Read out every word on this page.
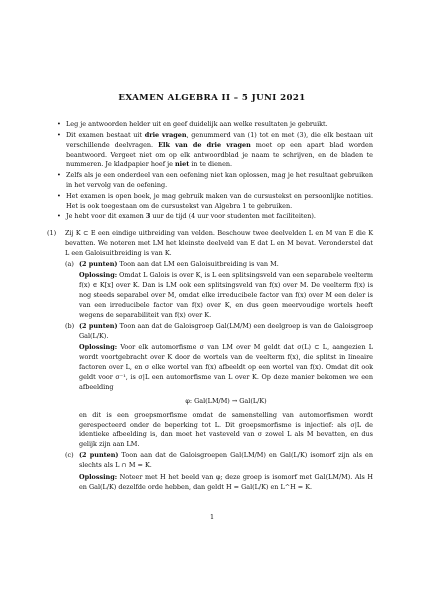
EXAMEN ALGEBRA II – 5 JUNI 2021
• Leg je antwoorden helder uit en geef duidelijk aan welke resultaten je gebruikt.
• Dit examen bestaat uit drie vragen, genummerd van (1) tot en met (3), die elk bestaan uit verschillende deelvragen. Elk van de drie vragen moet op een apart blad worden beantwoord. Vergeet niet om op elk antwoordblad je naam te schrijven, en de bladen te nummeren. Je kladpapier hoef je niet in te dienen.
• Zelfs als je een onderdeel van een oefening niet kan oplossen, mag je het resultaat gebruiken in het vervolg van de oefening.
• Het examen is open boek, je mag gebruik maken van de cursustekst en persoonlijke notities. Het is ook toegestaan om de cursustekst van Algebra 1 te gebruiken.
• Je hebt voor dit examen 3 uur de tijd (4 uur voor studenten met faciliteiten).
(1) Zij K ⊂ E een eindige uitbreiding van velden. Beschouw twee deelvelden L en M van E die K bevatten. We noteren met LM het kleinste deelveld van E dat L en M bevat. Veronderstel dat L een Galoisuitbreiding is van K.

(a) (2 punten) Toon aan dat LM een Galoisuitbreiding is van M.

Oplossing: Omdat L Galois is over K, is L een splitsingsveld van een separabele veelterm f(x) ∈ K[x] over K. Dan is LM ook een splitsingsveld van f(x) over M. De veelterm f(x) is nog steeds separabel over M, omdat elke irreducibele factor van f(x) over M een deler is van een irreducibele factor van f(x) over K, en dus geen meervoudige wortels heeft wegens de separabiliteit van f(x) over K.

(b) (2 punten) Toon aan dat de Galoisgroep Gal(LM/M) een deelgroep is van de Galoisgroep Gal(L/K).

Oplossing: Voor elk automorfisme σ van LM over M geldt dat σ(L) ⊂ L, aangezien L wordt voortgebracht over K door de wortels van de veelterm f(x), die splitst in lineaire factoren over L, en σ elke wortel van f(x) afbeeldt op een wortel van f(x). Omdat dit ook geldt voor σ⁻¹, is σ|L een automorfisme van L over K. Op deze manier bekomen we een afbeelding

φ: Gal(LM/M) → Gal(L/K)

en dit is een groepsmorfisme omdat de samenstelling van automorfismen wordt gerespecteerd onder de beperking tot L. Dit groepsmorfisme is injectief: als σ|L de identieke afbeelding is, dan moet het vasteveld van σ zowel L als M bevatten, en dus gelijk zijn aan LM.

(c) (2 punten) Toon aan dat de Galoisgroepen Gal(LM/M) en Gal(L/K) isomorf zijn als en slechts als L ∩ M = K.

Oplossing: Noteer met H het beeld van φ; deze groep is isomorf met Gal(LM/M). Als H en Gal(L/K) dezelfde orde hebben, dan geldt H = Gal(L/K) en L^H = K.

1
